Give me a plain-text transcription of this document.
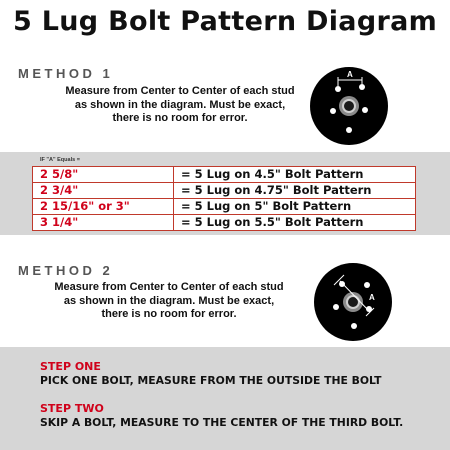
5 Lug Bolt Pattern Diagram
METHOD 1
Measure from Center to Center of each stud
as shown in the diagram. Must be exact,
there is no room for error.
A
IF "A" Equals =
2 5/8"	= 5 Lug on 4.5" Bolt Pattern
2 3/4"	= 5 Lug on 4.75" Bolt Pattern
2 15/16" or 3"	= 5 Lug on 5" Bolt Pattern
3 1/4"	= 5 Lug on 5.5" Bolt Pattern
METHOD 2
Measure from Center to Center of each stud
as shown in the diagram. Must be exact,
there is no room for error.
A
STEP ONE
PICK ONE BOLT, MEASURE FROM THE OUTSIDE THE BOLT
STEP TWO
SKIP A BOLT, MEASURE TO THE CENTER OF THE THIRD BOLT.
